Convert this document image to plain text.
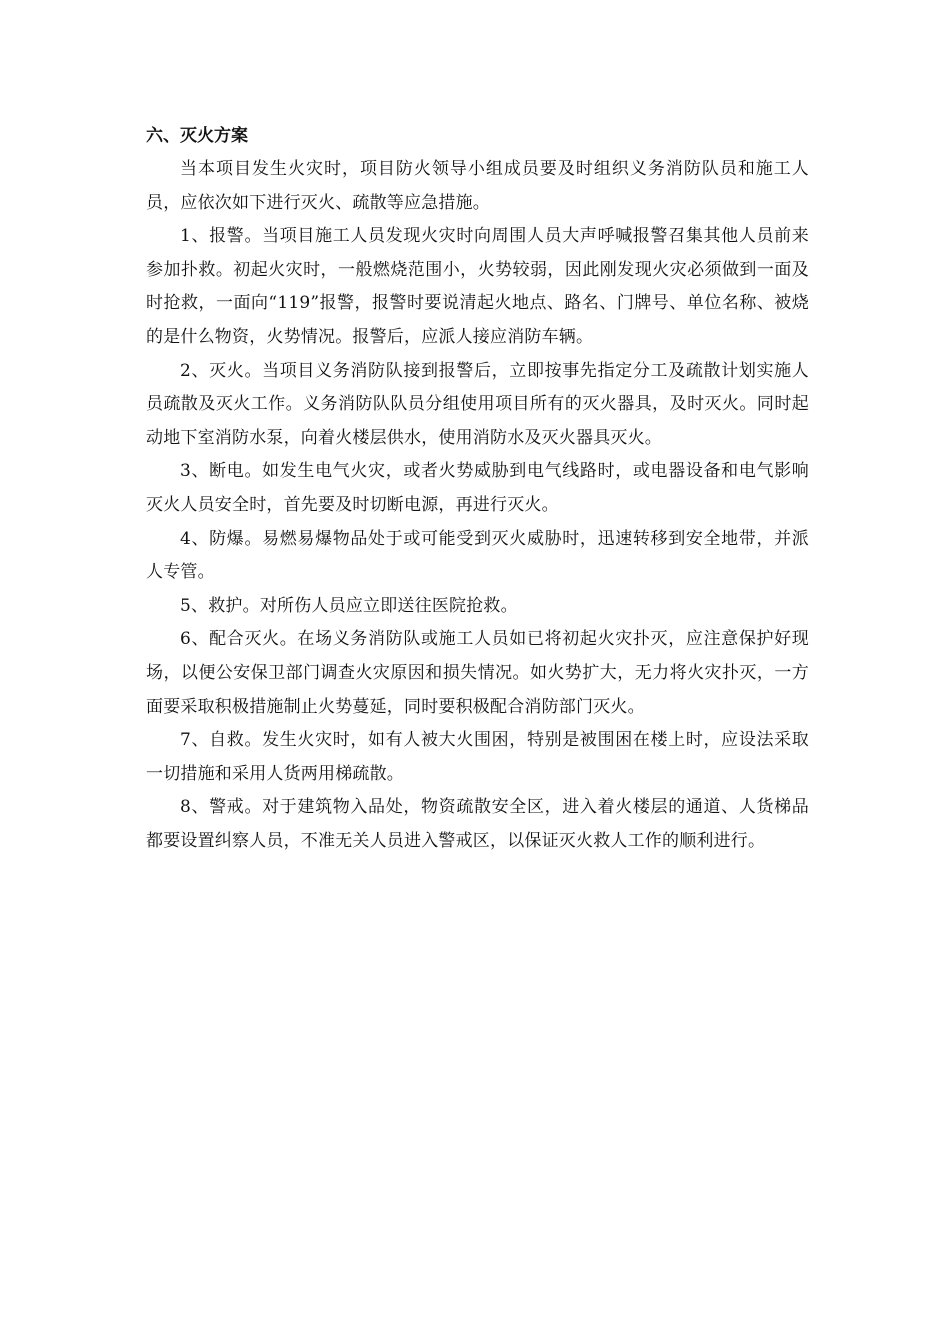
六、灭火方案

当本项目发生火灾时，项目防火领导小组成员要及时组织义务消防队员和施工人员，应依次如下进行灭火、疏散等应急措施。

1、报警。当项目施工人员发现火灾时向周围人员大声呼喊报警召集其他人员前来参加扑救。初起火灾时，一般燃烧范围小，火势较弱，因此刚发现火灾必须做到一面及时抢救，一面向“119”报警，报警时要说清起火地点、路名、门牌号、单位名称、被烧的是什么物资，火势情况。报警后，应派人接应消防车辆。

2、灭火。当项目义务消防队接到报警后，立即按事先指定分工及疏散计划实施人员疏散及灭火工作。义务消防队队员分组使用项目所有的灭火器具，及时灭火。同时起动地下室消防水泵，向着火楼层供水，使用消防水及灭火器具灭火。

3、断电。如发生电气火灾，或者火势威胁到电气线路时，或电器设备和电气影响灭火人员安全时，首先要及时切断电源，再进行灭火。

4、防爆。易燃易爆物品处于或可能受到灭火威胁时，迅速转移到安全地带，并派人专管。

5、救护。对所伤人员应立即送往医院抢救。

6、配合灭火。在场义务消防队或施工人员如已将初起火灾扑灭，应注意保护好现场，以便公安保卫部门调查火灾原因和损失情况。如火势扩大，无力将火灾扑灭，一方面要采取积极措施制止火势蔓延，同时要积极配合消防部门灭火。

7、自救。发生火灾时，如有人被大火围困，特别是被围困在楼上时，应设法采取一切措施和采用人货两用梯疏散。

8、警戒。对于建筑物入品处，物资疏散安全区，进入着火楼层的通道、人货梯品都要设置纠察人员，不准无关人员进入警戒区，以保证灭火救人工作的顺利进行。
